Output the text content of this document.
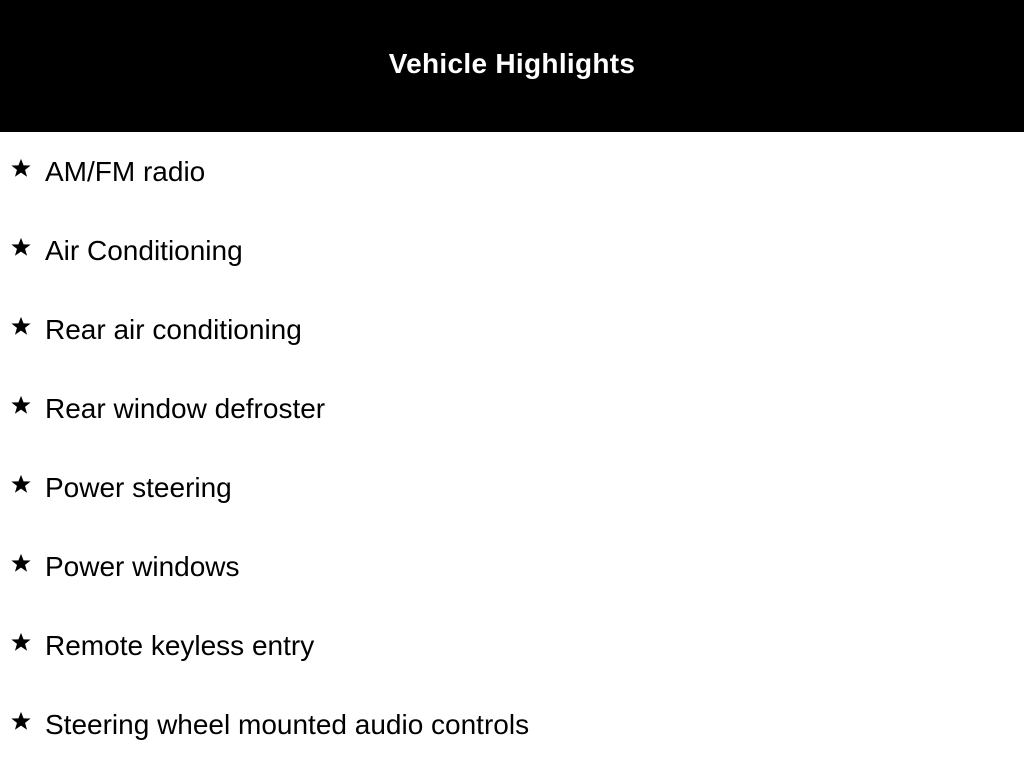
Vehicle Highlights
AM/FM radio
Air Conditioning
Rear air conditioning
Rear window defroster
Power steering
Power windows
Remote keyless entry
Steering wheel mounted audio controls
